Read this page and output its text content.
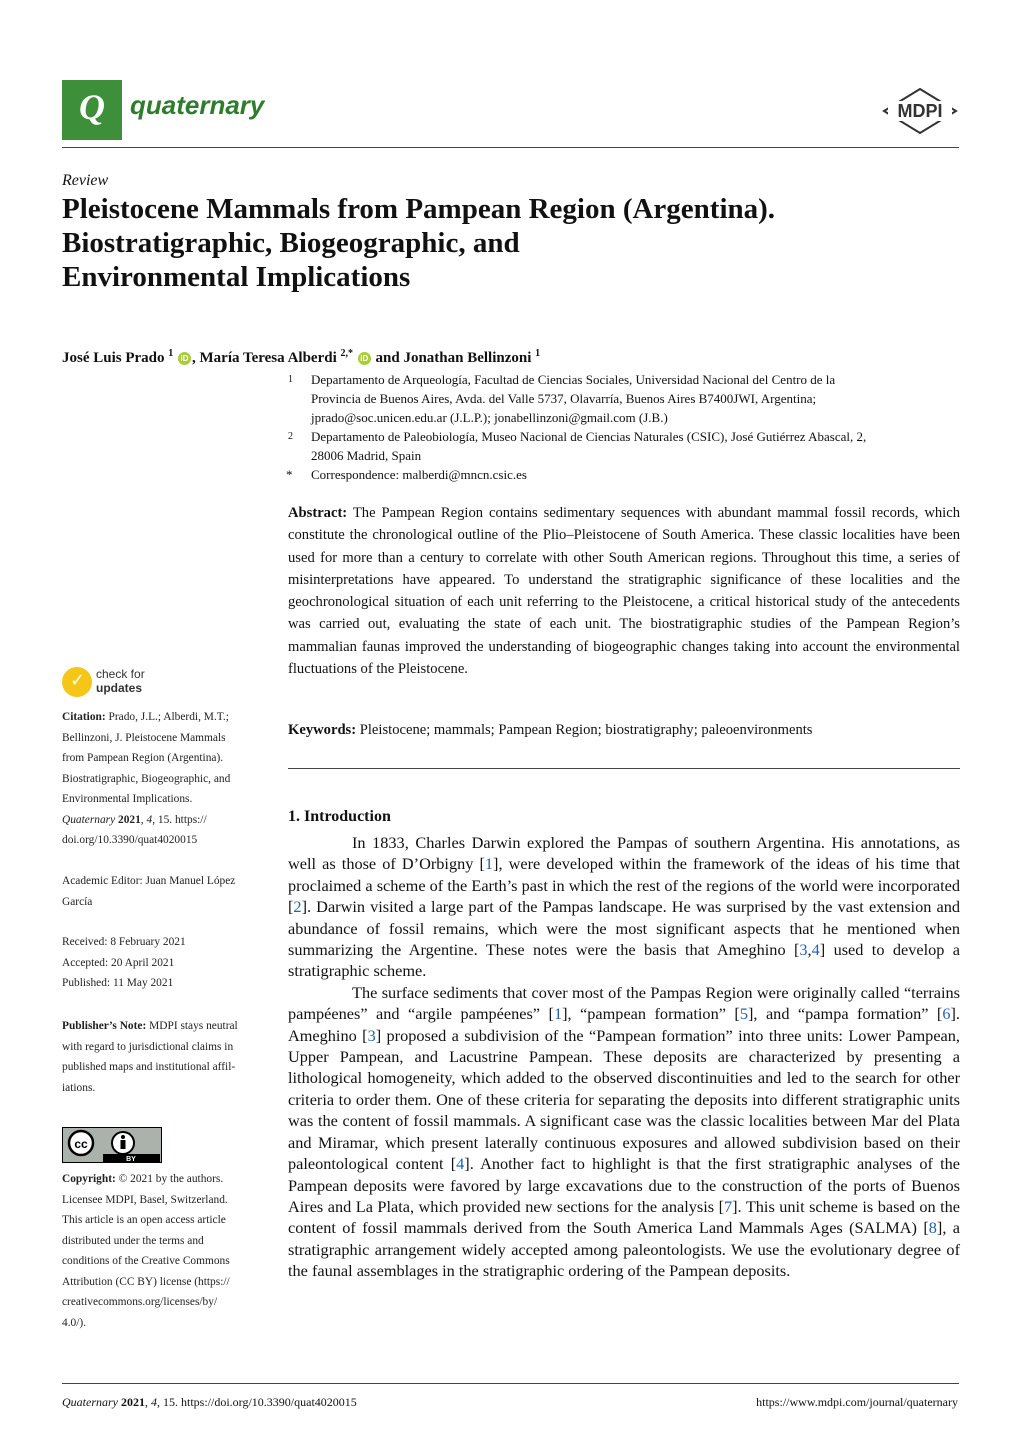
Q quaternary	MDPI
Review
Pleistocene Mammals from Pampean Region (Argentina).
Biostratigraphic, Biogeographic, and
Environmental Implications
José Luis Prado $^1$ iD , María Teresa Alberdi $^{2,*}$ iD and Jonathan Bellinzoni $^1$
$^1$ Departamento de Arqueología, Facultad de Ciencias Sociales, Universidad Nacional del Centro de la
Provincia de Buenos Aires, Avda. del Valle 5737, Olavarría, Buenos Aires B7400JWI, Argentina;
jprado@soc.unicen.edu.ar (J.L.P.); jonabellinzoni@gmail.com (J.B.)
$^2$ Departamento de Paleobiología, Museo Nacional de Ciencias Naturales (CSIC), José Gutiérrez Abascal, 2,
28006 Madrid, Spain
* Correspondence: malberdi@mncn.csic.es
Abstract: The Pampean Region contains sedimentary sequences with abundant mammal fossil records, which constitute the chronological outline of the Plio–Pleistocene of South America. These classic localities have been used for more than a century to correlate with other South American regions. Throughout this time, a series of misinterpretations have appeared. To understand the stratigraphic significance of these localities and the geochronological situation of each unit referring to the Pleistocene, a critical historical study of the antecedents was carried out, evaluating the state of each unit. The biostratigraphic studies of the Pampean Region’s mammalian faunas improved the understanding of biogeographic changes taking into account the environmental fluctuations of the Pleistocene.
Keywords: Pleistocene; mammals; Pampean Region; biostratigraphy; paleoenvironments
✓ check for
updates
Citation: Prado, J.L.; Alberdi, M.T.;
Bellinzoni, J. Pleistocene Mammals
from Pampean Region (Argentina).
Biostratigraphic, Biogeographic, and
Environmental Implications.
Quaternary 2021, 4, 15. https://
doi.org/10.3390/quat4020015
Academic Editor: Juan Manuel López
García
Received: 8 February 2021
Accepted: 20 April 2021
Published: 11 May 2021
Publisher’s Note: MDPI stays neutral
with regard to jurisdictional claims in
published maps and institutional affil-
iations.
cc
BY
Copyright: © 2021 by the authors.
Licensee MDPI, Basel, Switzerland.
This article is an open access article
distributed under the terms and
conditions of the Creative Commons
Attribution (CC BY) license (https://
creativecommons.org/licenses/by/
4.0/).
1. Introduction

In 1833, Charles Darwin explored the Pampas of southern Argentina. His annotations, as well as those of D’Orbigny [1], were developed within the framework of the ideas of his time that proclaimed a scheme of the Earth’s past in which the rest of the regions of the world were incorporated [2]. Darwin visited a large part of the Pampas landscape. He was surprised by the vast extension and abundance of fossil remains, which were the most significant aspects that he mentioned when summarizing the Argentine. These notes were the basis that Ameghino [3,4] used to develop a stratigraphic scheme.

The surface sediments that cover most of the Pampas Region were originally called “terrains pampéenes” and “argile pampéenes” [1], “pampean formation” [5], and “pampa formation” [6]. Ameghino [3] proposed a subdivision of the “Pampean formation” into three units: Lower Pampean, Upper Pampean, and Lacustrine Pampean. These deposits are characterized by presenting a lithological homogeneity, which added to the observed discontinuities and led to the search for other criteria to order them. One of these criteria for separating the deposits into different stratigraphic units was the content of fossil mammals. A significant case was the classic localities between Mar del Plata and Miramar, which present laterally continuous exposures and allowed subdivision based on their paleontological content [4]. Another fact to highlight is that the first stratigraphic analyses of the Pampean deposits were favored by large excavations due to the construction of the ports of Buenos Aires and La Plata, which provided new sections for the analysis [7]. This unit scheme is based on the content of fossil mammals derived from the South America Land Mammals Ages (SALMA) [8], a stratigraphic arrangement widely accepted among paleontologists. We use the evolutionary degree of the faunal assemblages in the stratigraphic ordering of the Pampean deposits.

Quaternary 2021, 4, 15. https://doi.org/10.3390/quat4020015	https://www.mdpi.com/journal/quaternary
